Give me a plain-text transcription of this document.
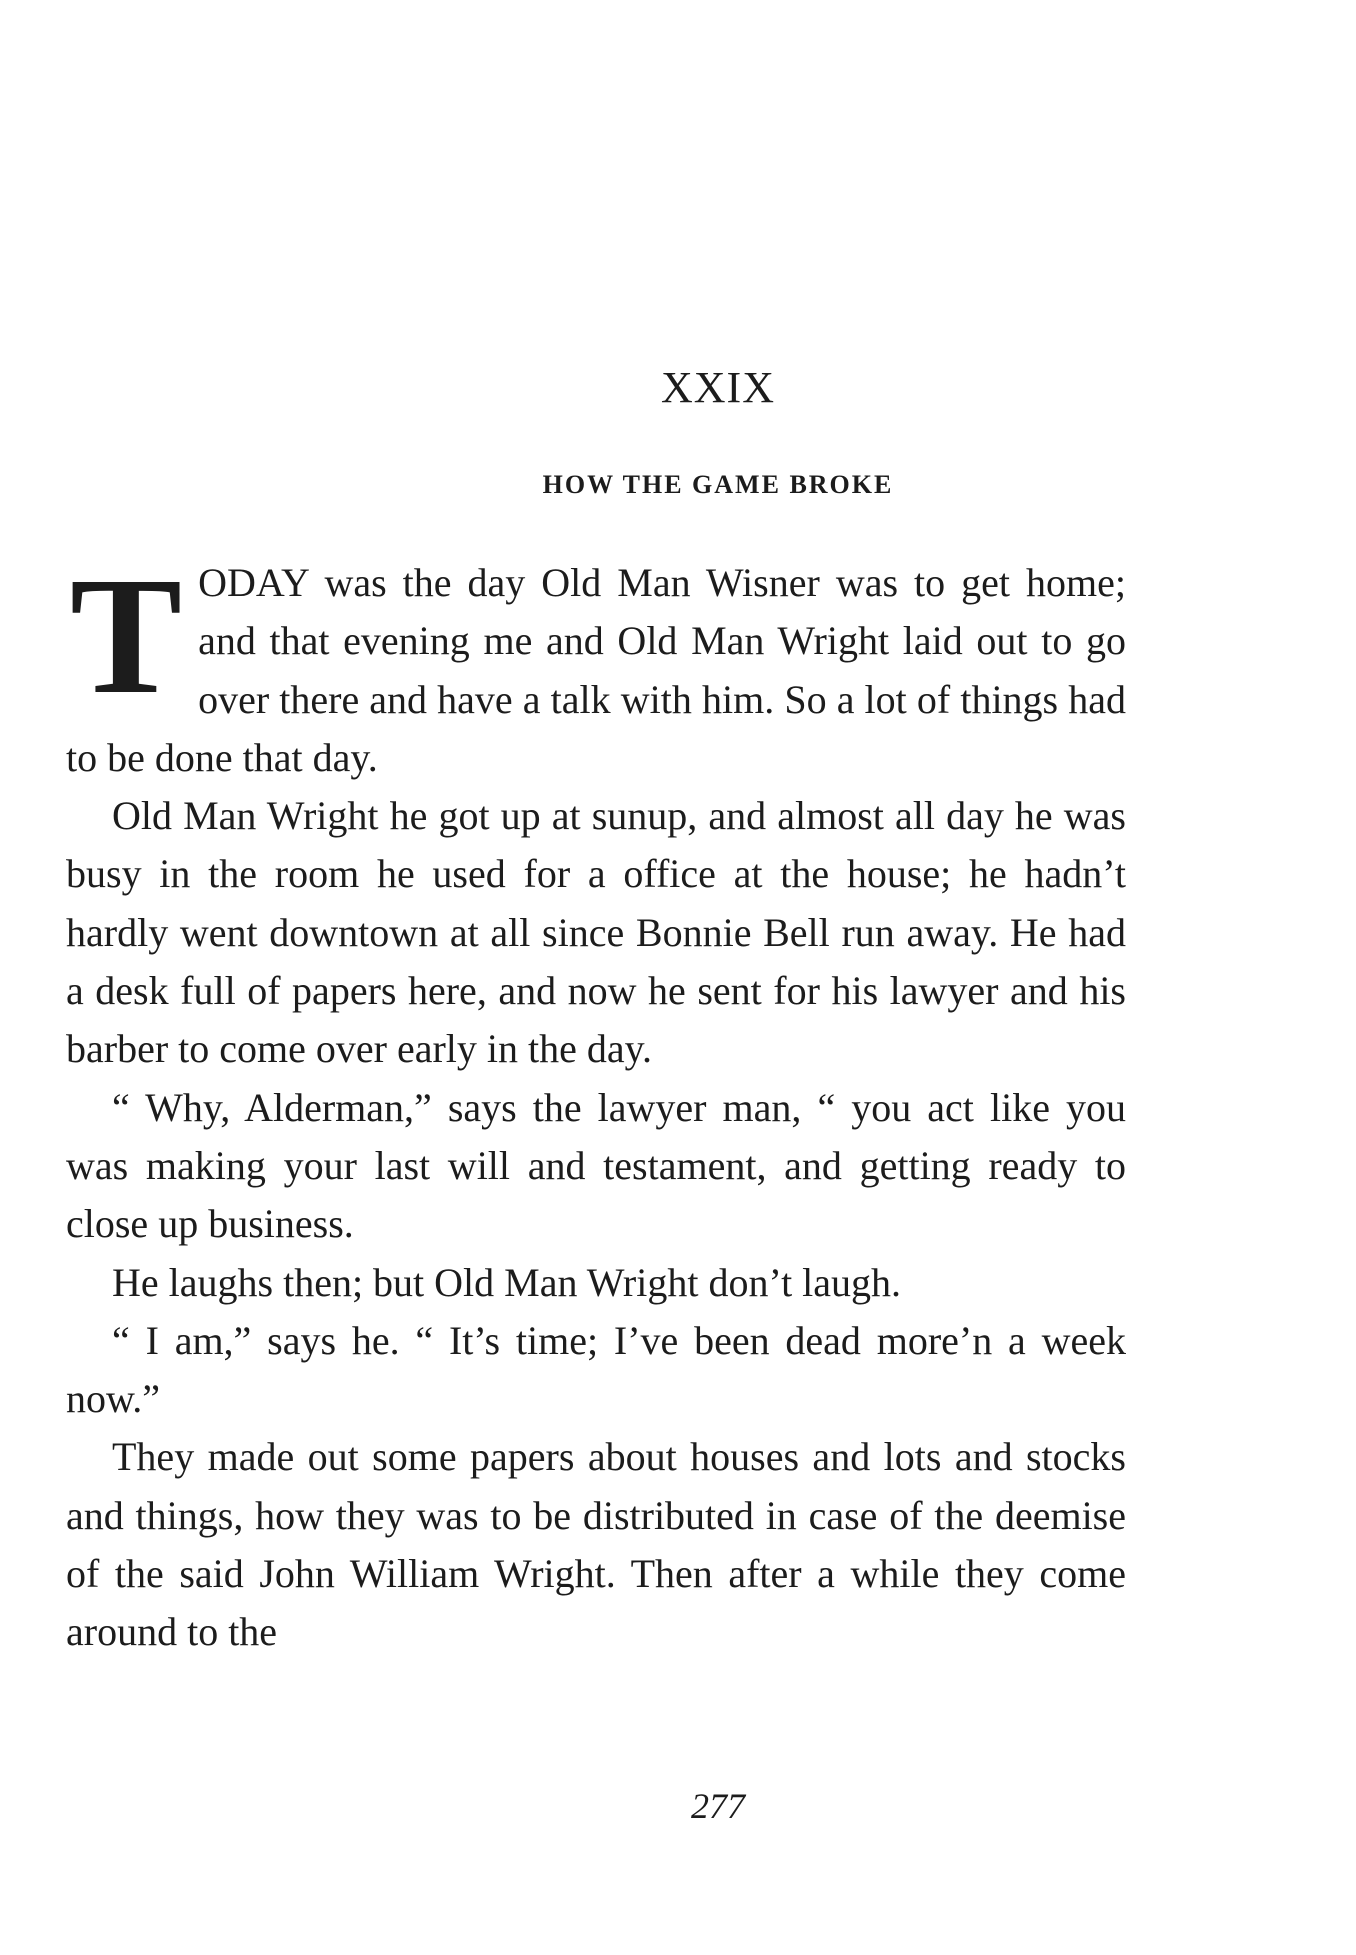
XXIX
HOW THE GAME BROKE

TODAY was the day Old Man Wisner was to get home; and that evening me and Old Man Wright laid out to go over there and have a talk with him. So a lot of things had to be done that day.

Old Man Wright he got up at sunup, and almost all day he was busy in the room he used for a office at the house; he hadn’t hardly went downtown at all since Bonnie Bell run away. He had a desk full of papers here, and now he sent for his lawyer and his barber to come over early in the day.

“ Why, Alderman,” says the lawyer man, “ you act like you was making your last will and testament, and getting ready to close up business.

He laughs then; but Old Man Wright don’t laugh.

“ I am,” says he. “ It’s time; I’ve been dead more’n a week now.”

They made out some papers about houses and lots and stocks and things, how they was to be distributed in case of the deemise of the said John William Wright. Then after a while they come around to the

277
